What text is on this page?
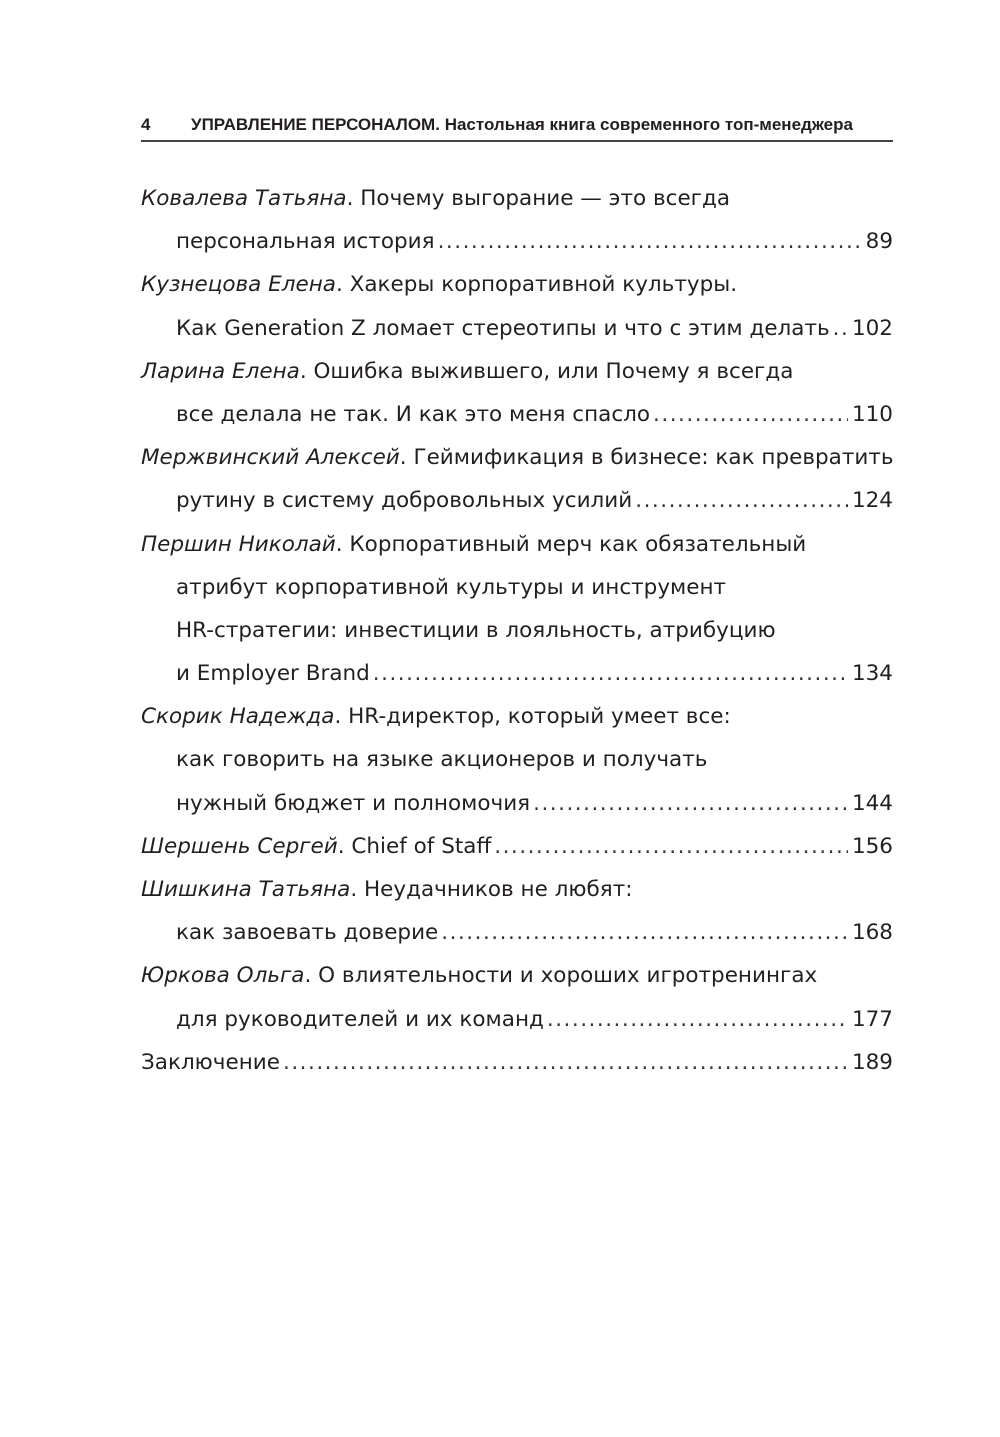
4 УПРАВЛЕНИЕ ПЕРСОНАЛОМ. Настольная книга современного топ-менеджера
Ковалева Татьяна . Почему выгорание — это всегда
персональная история .....	89
Кузнецова Елена . Хакеры корпоративной культуры.
Как Generation Z ломает стереотипы и что с этим делать ..... 102
Ларина Елена . Ошибка выжившего, или Почему я всегда
все делала не так. И как это меня спасло .....	110
Мержвинский Алексей . Геймификация в бизнесе: как превратить
рутину в систему добровольных усилий .....	124
Першин Николай . Корпоративный мерч как обязательный
атрибут корпоративной культуры и инструмент
HR-стратегии: инвестиции в лояльность, атрибуцию
и Employer Brand .....	134
Скорик Надежда . HR-директор, который умеет все:
как говорить на языке акционеров и получать
нужный бюджет и полномочия .....	144
Шершень Сергей . Chief of Staff .....	156
Шишкина Татьяна . Неудачников не любят:
как завоевать доверие .....	168
Юркова Ольга . О влиятельности и хороших игротренингах
для руководителей и их команд .....	177
Заключение .....	189
